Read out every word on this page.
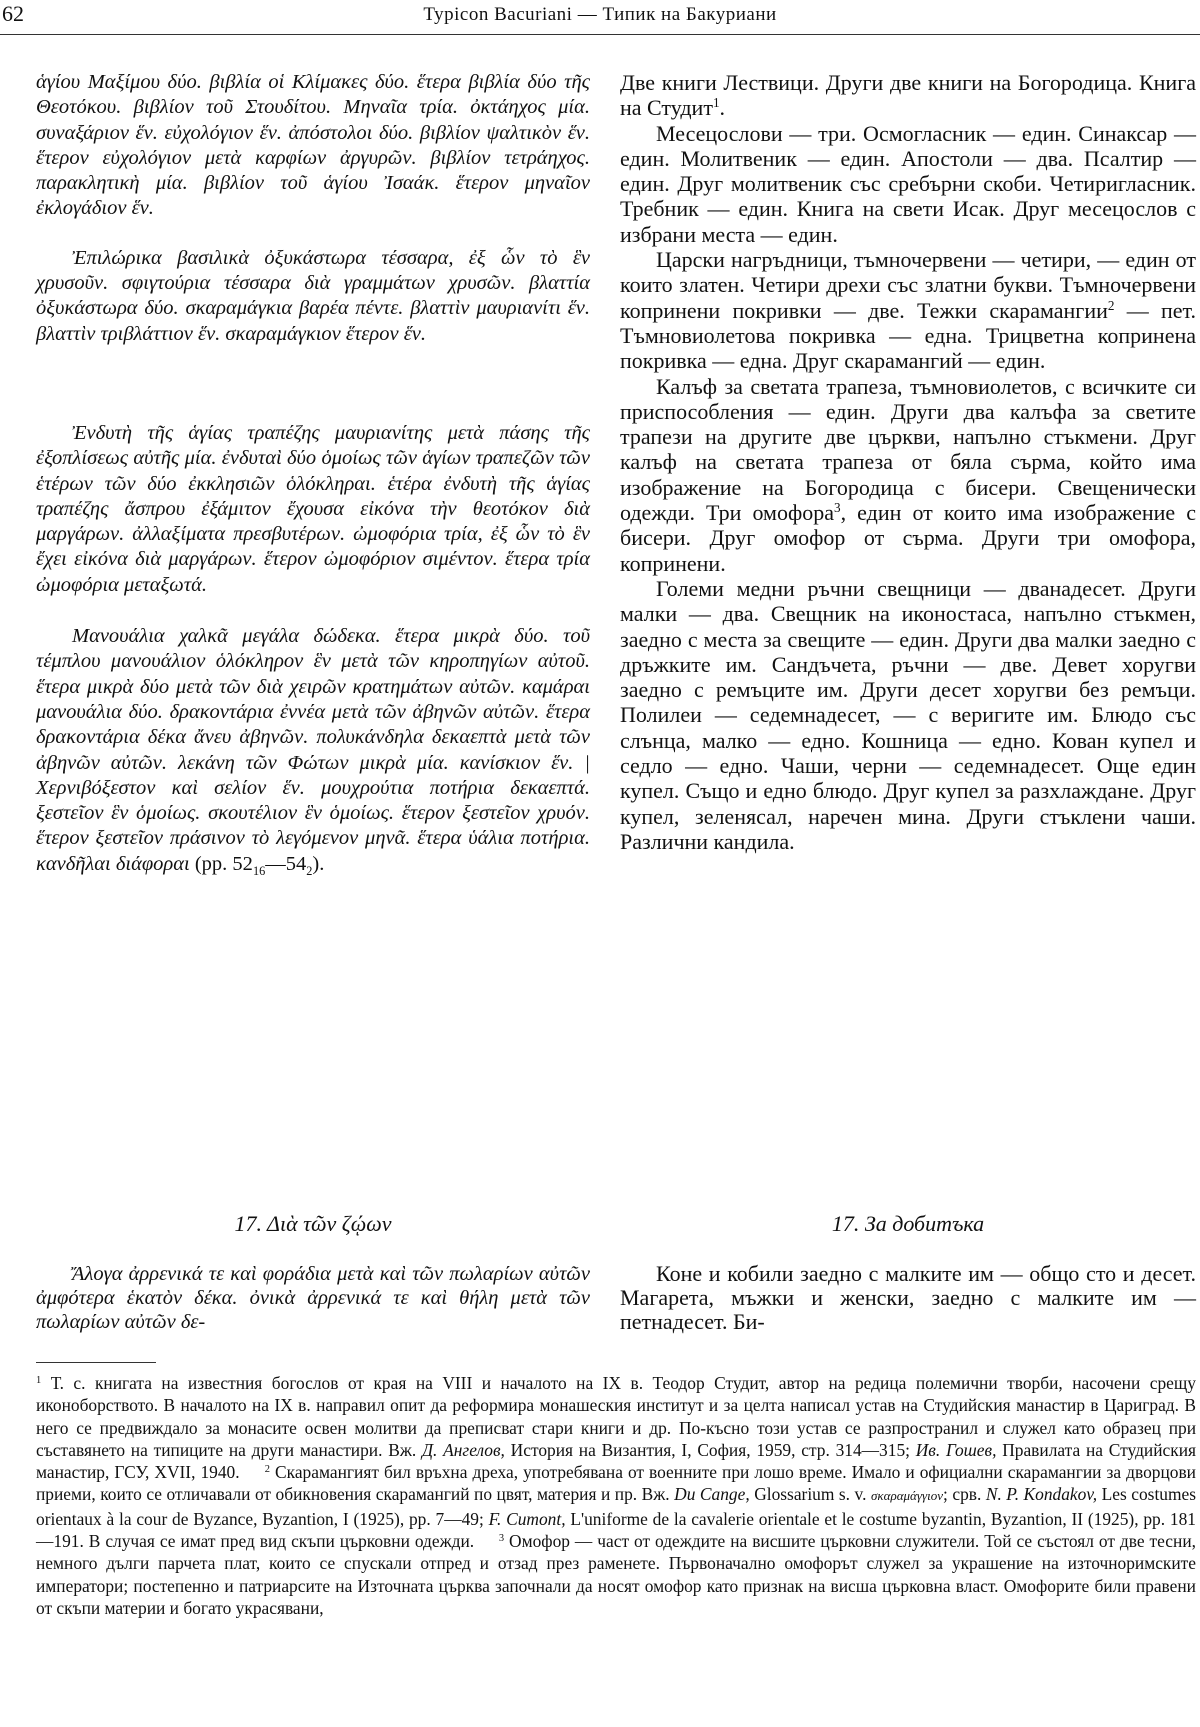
62	Typicon Bacuriani — Типик на Бакуриани

ἁγίου Μαξίμου δύο. βιβλία οἱ Κλίμακες δύο. ἕτερα βιβλία δύο τῆς Θεοτόκου. βιβλίον τοῦ Στουδίτου. Μηναῖα τρία. ὀκτάηχος μία. συναξάριον ἕν. εὐχολόγιον ἕν. ἀπόστολοι δύο. βιβλίον ψαλτικὸν ἕν. ἕτερον εὐχολόγιον μετὰ καρφίων ἀργυρῶν. βιβλίον τετράηχος. παρακλητικὴ μία. βιβλίον τοῦ ἁγίου Ἰσαάκ. ἕτερον μηναῖον ἐκλογάδιον ἕν.

Ἐπιλώρικα βασιλικὰ ὀξυκάστωρα τέσσαρα, ἐξ ὧν τὸ ἓν χρυσοῦν. σφιγτούρια τέσσαρα διὰ γραμμάτων χρυσῶν. βλαττία ὀξυκάστωρα δύο. σκαραμάγκια βαρέα πέντε. βλαττὶν μαυριανίτι ἕν. βλαττὶν τριβλάττιον ἕν. σκαραμάγκιον ἕτερον ἕν.

Ἐνδυτὴ τῆς ἁγίας τραπέζης μαυριανίτης μετὰ πάσης τῆς ἐξοπλίσεως αὐτῆς μία. ἐνδυταὶ δύο ὁμοίως τῶν ἁγίων τραπεζῶν τῶν ἑτέρων τῶν δύο ἐκκλησιῶν ὁλόκληραι. ἑτέρα ἐνδυτὴ τῆς ἁγίας τραπέζης ἄσπρου ἐξάμιτον ἔχουσα εἰκόνα τὴν θεοτόκον διὰ μαργάρων. ἀλλαξίματα πρεσβυτέρων. ὠμοφόρια τρία, ἐξ ὧν τὸ ἓν ἔχει εἰκόνα διὰ μαργάρων. ἕτερον ὠμοφόριον σιμέντον. ἕτερα τρία ὠμοφόρια μεταξωτά.

Μανουάλια χαλκᾶ μεγάλα δώδεκα. ἕτερα μικρὰ δύο. τοῦ τέμπλου μανουάλιον ὁλόκληρον ἓν μετὰ τῶν κηροπηγίων αὐτοῦ. ἕτερα μικρὰ δύο μετὰ τῶν διὰ χειρῶν κρατημάτων αὐτῶν. καμάραι μανουάλια δύο. δρακοντάρια ἐννέα μετὰ τῶν ἀβηνῶν αὐτῶν. ἕτερα δρακοντάρια δέκα ἄνευ ἀβηνῶν. πολυκάνδηλα δεκαεπτὰ μετὰ τῶν ἀβηνῶν αὐτῶν. λεκάνη τῶν Φώτων μικρὰ μία. κανίσκιον ἕν. | Χερνιβόξεστον καὶ σελίον ἕν. μουχρούτια ποτήρια δεκαεπτά. ξεστεῖον ἓν ὁμοίως. σκουτέλιον ἓν ὁμοίως. ἕτερον ξεστεῖον χρυόν. ἕτερον ξεστεῖον πράσινον τὸ λεγόμενον μηνᾶ. ἕτερα ὑάλια ποτήρια. κανδῆλαι διάφοραι (pp. $52_{16}—54_2$).

Две книги Лествици. Други две книги на Богородица. Книга на Студит$^1$.

Месецослови — три. Осмогласник — един. Синаксар — един. Молитвеник — един. Апостоли — два. Псалтир — един. Друг молитвеник със сребърни скоби. Четиригласник. Требник — един. Книга на свети Исак. Друг месецослов с избрани места — един.

Царски нагръдници, тъмночервени — четири, — един от които златен. Четири дрехи със златни букви. Тъмночервени копринени покривки — две. Тежки скарамангии$^2$ — пет. Тъмновиолетова покривка — една. Трицветна копринена покривка — една. Друг скарамангий — един.

Калъф за светата трапеза, тъмновиолетов, с всичките си приспособления — един. Други два калъфа за светите трапези на другите две църкви, напълно стъкмени. Друг калъф на светата трапеза от бяла сърма, който има изображение на Богородица с бисери. Свещенически одежди. Три омофора$^3$, един от които има изображение с бисери. Друг омофор от сърма. Други три омофора, копринени.

Големи медни ръчни свещници — дванадесет. Други малки — два. Свещник на иконостаса, напълно стъкмен, заедно с места за свещите — един. Други два малки заедно с дръжките им. Сандъчета, ръчни — две. Девет хоругви заедно с ремъците им. Други десет хоругви без ремъци. Полилеи — седемнадесет, — с веригите им. Блюдо със слънца, малко — едно. Кошница — едно. Кован купел и седло — едно. Чаши, черни — седемнадесет. Още един купел. Също и едно блюдо. Друг купел за разхлаждане. Друг купел, зеленясал, наречен мина. Други стъклени чаши. Различни кандила.

17. Διὰ τῶν ζῴων	17. За добитъка

Ἄλογα ἀρρενικά τε καὶ φοράδια μετὰ καὶ τῶν πωλαρίων αὐτῶν ἀμφότερα ἑκατὸν δέκα. ὀνικὰ ἀρρενικά τε καὶ θήλη μετὰ τῶν πωλαρίων αὐτῶν δε-

Коне и кобили заедно с малките им — общо сто и десет. Магарета, мъжки и женски, заедно с малките им — петнадесет. Би-

$^1$ Т. с. книгата на известния богослов от края на VIII и началото на IX в. Теодор Студит, автор на редица полемични творби, насочени срещу иконоборството. В началото на IX в. направил опит да реформира монашеския институт и за целта написал устав на Студийския манастир в Цариград. В него се предвиждало за монасите освен молитви да преписват стари книги и др. По-късно този устав се разпространил и служел като образец при съставянето на типиците на други манастири. Вж. Д. Ангелов, История на Византия, I, София, 1959, стр. 314—315; Ив. Гошев, Правилата на Студийския манастир, ГСУ, XVII, 1940.

$^2$ Скарамангият бил връхна дреха, употребявана от военните при лошо време. Имало и официални скарамангии за дворцови приеми, които се отличавали от обикновения скарамангий по цвят, материя и пр. Вж. Du Cange, Glossarium s. v. σκαραμάγγιον; срв. N. P. Kondakov, Les costumes orientaux à la cour de Byzance, Byzantion, I (1925), pp. 7—49; F. Cumont, L'uniforme de la cavalerie orientale et le costume byzantin, Byzantion, II (1925), pp. 181—191. В случая се имат пред вид скъпи църковни одежди.

$^3$ Омофор — част от одеждите на висшите църковни служители. Той се състоял от две тесни, немного дълги парчета плат, които се спускали отпред и отзад през раменете. Първоначално омофорът служел за украшение на източноримските императори; постепенно и патриарсите на Източната църква започнали да носят омофор като признак на висша църковна власт. Омофорите били правени от скъпи материи и богато украсявани,
